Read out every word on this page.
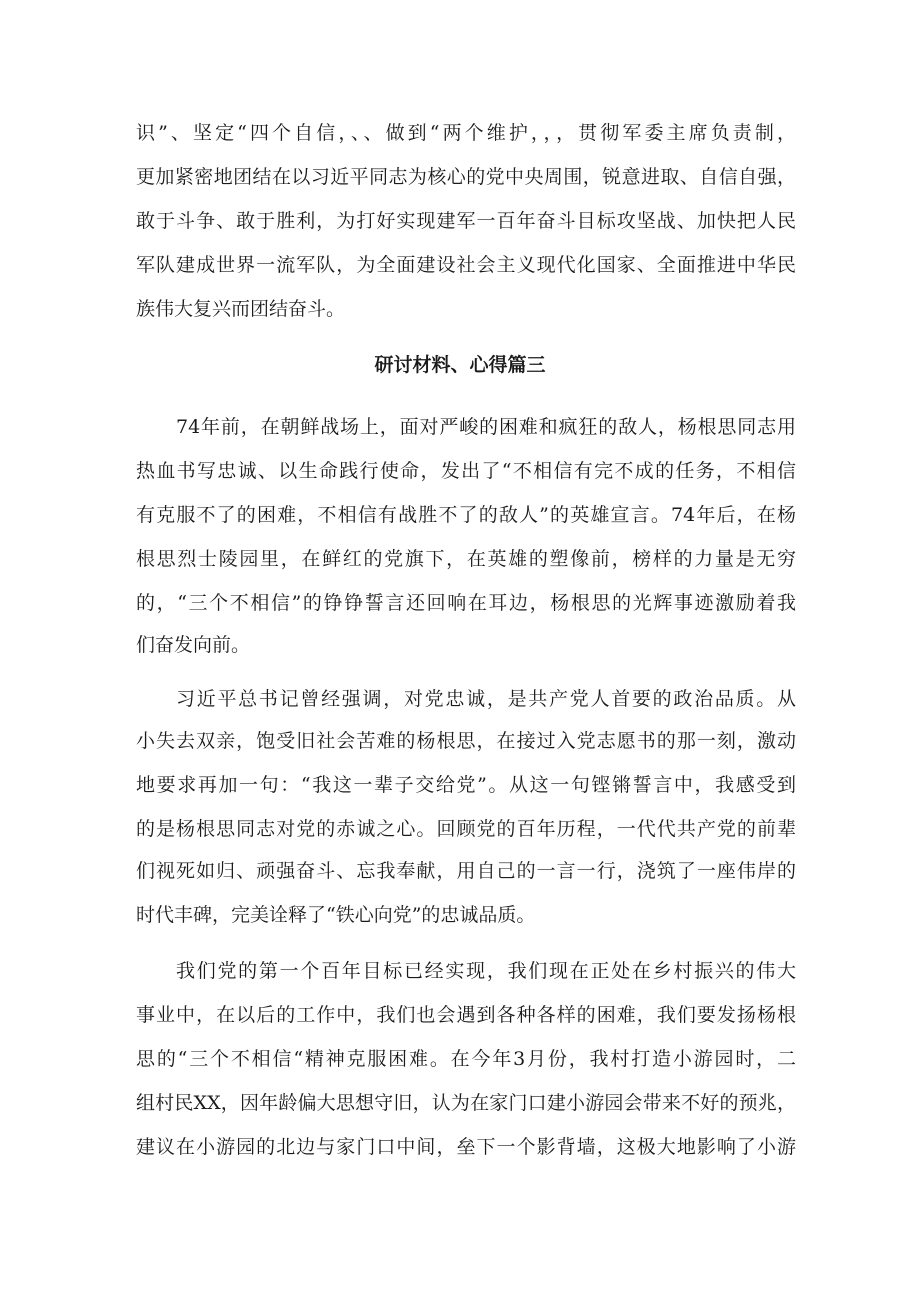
识”、坚定“四个自信，、、做到“两个维护，，，贯彻军委主席负责制，
更加紧密地团结在以习近平同志为核心的党中央周围，锐意进取、自信自强，
敢于斗争、敢于胜利，为打好实现建军一百年奋斗目标攻坚战、加快把人民
军队建成世界一流军队，为全面建设社会主义现代化国家、全面推进中华民
族伟大复兴而团结奋斗。
研讨材料、心得篇三
74年前，在朝鲜战场上，面对严峻的困难和疯狂的敌人，杨根思同志用
热血书写忠诚、以生命践行使命，发出了“不相信有完不成的任务，不相信
有克服不了的困难，不相信有战胜不了的敌人”的英雄宣言。74年后，在杨
根思烈士陵园里，在鲜红的党旗下，在英雄的塑像前，榜样的力量是无穷
的，“三个不相信”的铮铮誓言还回响在耳边，杨根思的光辉事迹激励着我
们奋发向前。
习近平总书记曾经强调，对党忠诚，是共产党人首要的政治品质。从
小失去双亲，饱受旧社会苦难的杨根思，在接过入党志愿书的那一刻，激动
地要求再加一句：“我这一辈子交给党”。从这一句铿锵誓言中，我感受到
的是杨根思同志对党的赤诚之心。回顾党的百年历程，一代代共产党的前辈
们视死如归、顽强奋斗、忘我奉献，用自己的一言一行，浇筑了一座伟岸的
时代丰碑，完美诠释了“铁心向党”的忠诚品质。
我们党的第一个百年目标已经实现，我们现在正处在乡村振兴的伟大
事业中，在以后的工作中，我们也会遇到各种各样的困难，我们要发扬杨根
思的“三个不相信“精神克服困难。在今年3月份，我村打造小游园时，二
组村民XX，因年龄偏大思想守旧，认为在家门口建小游园会带来不好的预兆，
建议在小游园的北边与家门口中间，垒下一个影背墙，这极大地影响了小游
